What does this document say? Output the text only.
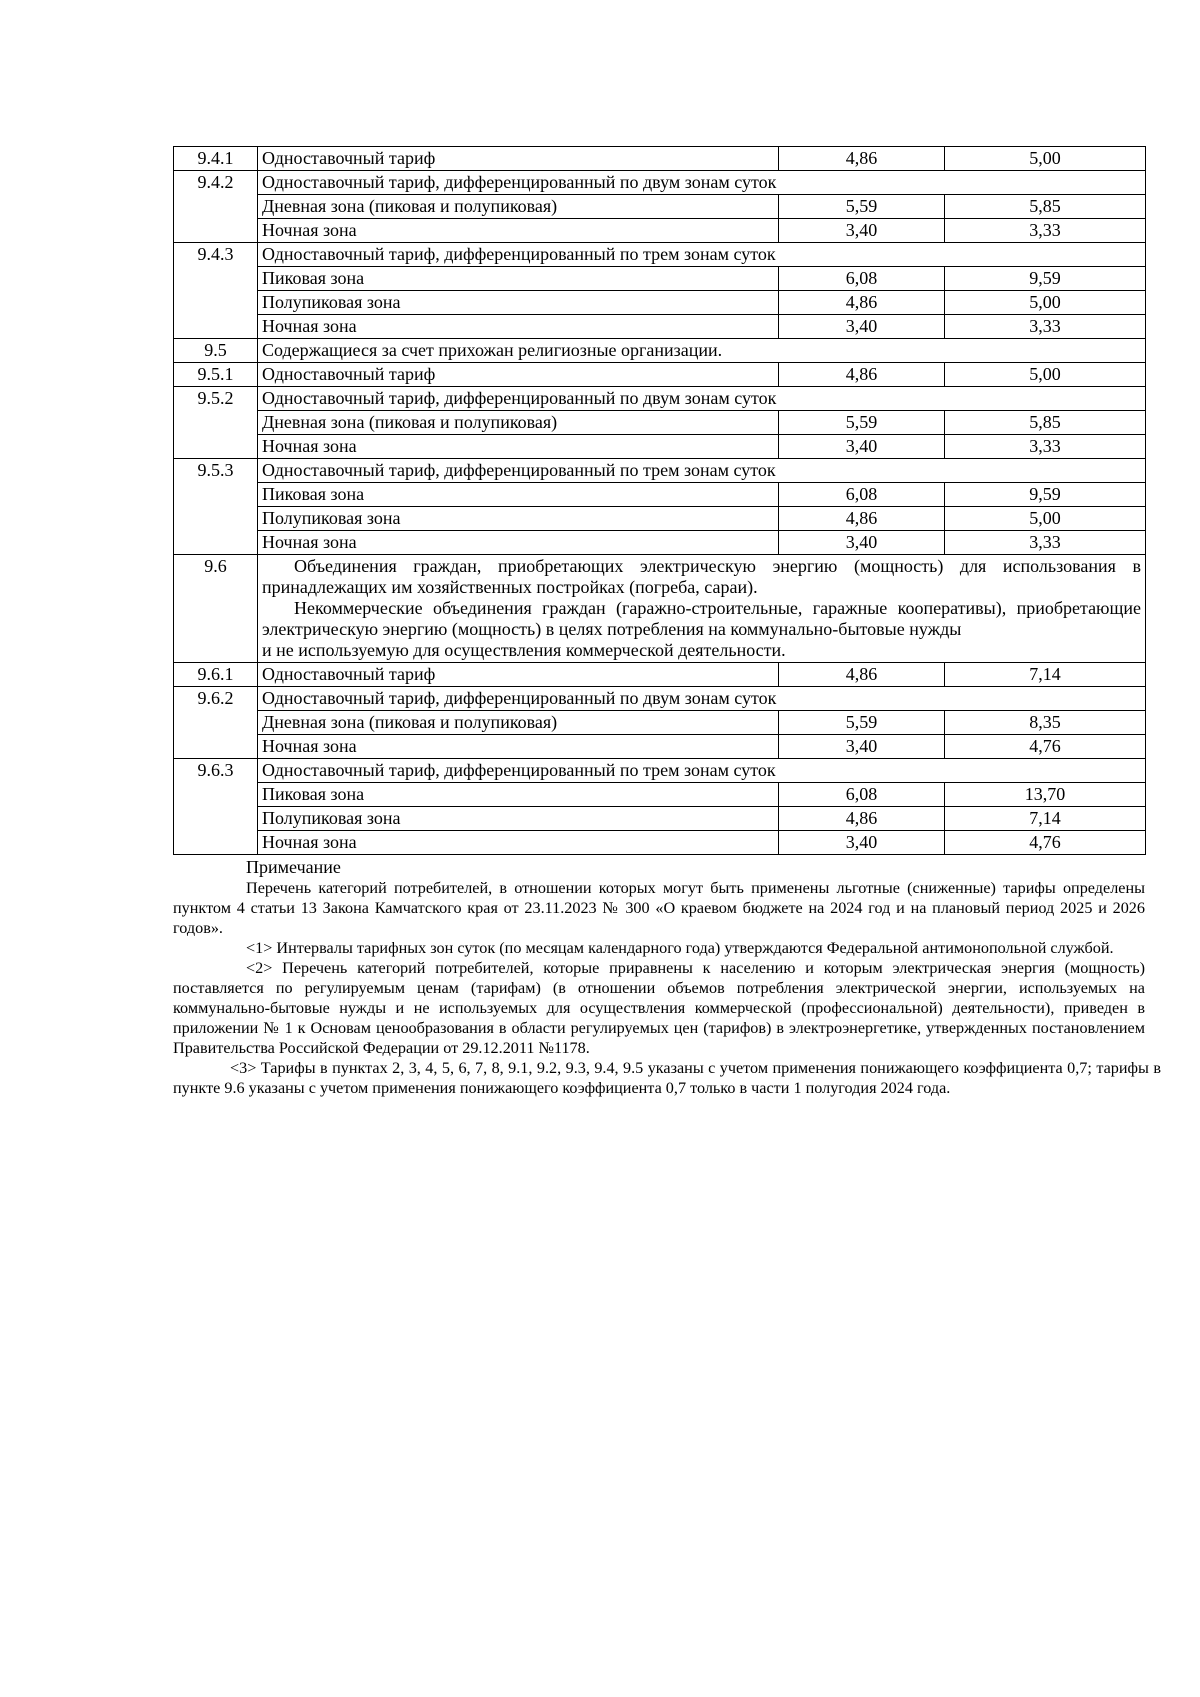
9.4.1	Одноставочный тариф	4,86	5,00
9.4.2	Одноставочный тариф, дифференцированный по двум зонам суток		
	Дневная зона (пиковая и полупиковая)	5,59	5,85
	Ночная зона	3,40	3,33
9.4.3	Одноставочный тариф, дифференцированный по трем зонам суток		
	Пиковая зона	6,08	9,59
	Полупиковая зона	4,86	5,00
	Ночная зона	3,40	3,33
9.5	Содержащиеся за счет прихожан религиозные организации.		
9.5.1	Одноставочный тариф	4,86	5,00
9.5.2	Одноставочный тариф, дифференцированный по двум зонам суток		
	Дневная зона (пиковая и полупиковая)	5,59	5,85
	Ночная зона	3,40	3,33
9.5.3	Одноставочный тариф, дифференцированный по трем зонам суток		
	Пиковая зона	6,08	9,59
	Полупиковая зона	4,86	5,00
	Ночная зона	3,40	3,33
9.6	Объединения граждан, приобретающих электрическую энергию (мощность) для использования в принадлежащих им хозяйственных постройках (погреба, сараи).

Некоммерческие объединения граждан (гаражно-строительные, гаражные кооперативы), приобретающие электрическую энергию (мощность) в целях потребления на коммунально-бытовые нужды

и не используемую для осуществления коммерческой деятельности.		

9.6.1	Одноставочный тариф	4,86	7,14
9.6.2	Одноставочный тариф, дифференцированный по двум зонам суток		
	Дневная зона (пиковая и полупиковая)	5,59	8,35
	Ночная зона	3,40	4,76
9.6.3	Одноставочный тариф, дифференцированный по трем зонам суток		
	Пиковая зона	6,08	13,70
	Полупиковая зона	4,86	7,14
	Ночная зона	3,40	4,76
Примечание

Перечень категорий потребителей, в отношении которых могут быть применены льготные (сниженные) тарифы определены пунктом 4 статьи 13 Закона Камчатского края от 23.11.2023 № 300 «О краевом бюджете на 2024 год и на плановый период 2025 и 2026 годов».

<1> Интервалы тарифных зон суток (по месяцам календарного года) утверждаются Федеральной антимонопольной службой.

<2> Перечень категорий потребителей, которые приравнены к населению и которым электрическая энергия (мощность) поставляется по регулируемым ценам (тарифам) (в отношении объемов потребления электрической энергии, используемых на коммунально-бытовые нужды и не используемых для осуществления коммерческой (профессиональной) деятельности), приведен в приложении № 1 к Основам ценообразования в области регулируемых цен (тарифов) в электроэнергетике, утвержденных постановлением Правительства Российской Федерации от 29.12.2011 №1178.

<3> Тарифы в пунктах 2, 3, 4, 5, 6, 7, 8, 9.1, 9.2, 9.3, 9.4, 9.5 указаны с учетом применения понижающего коэффициента 0,7; тарифы в пункте 9.6 указаны с учетом применения понижающего коэффициента 0,7 только в части 1 полугодия 2024 года.
